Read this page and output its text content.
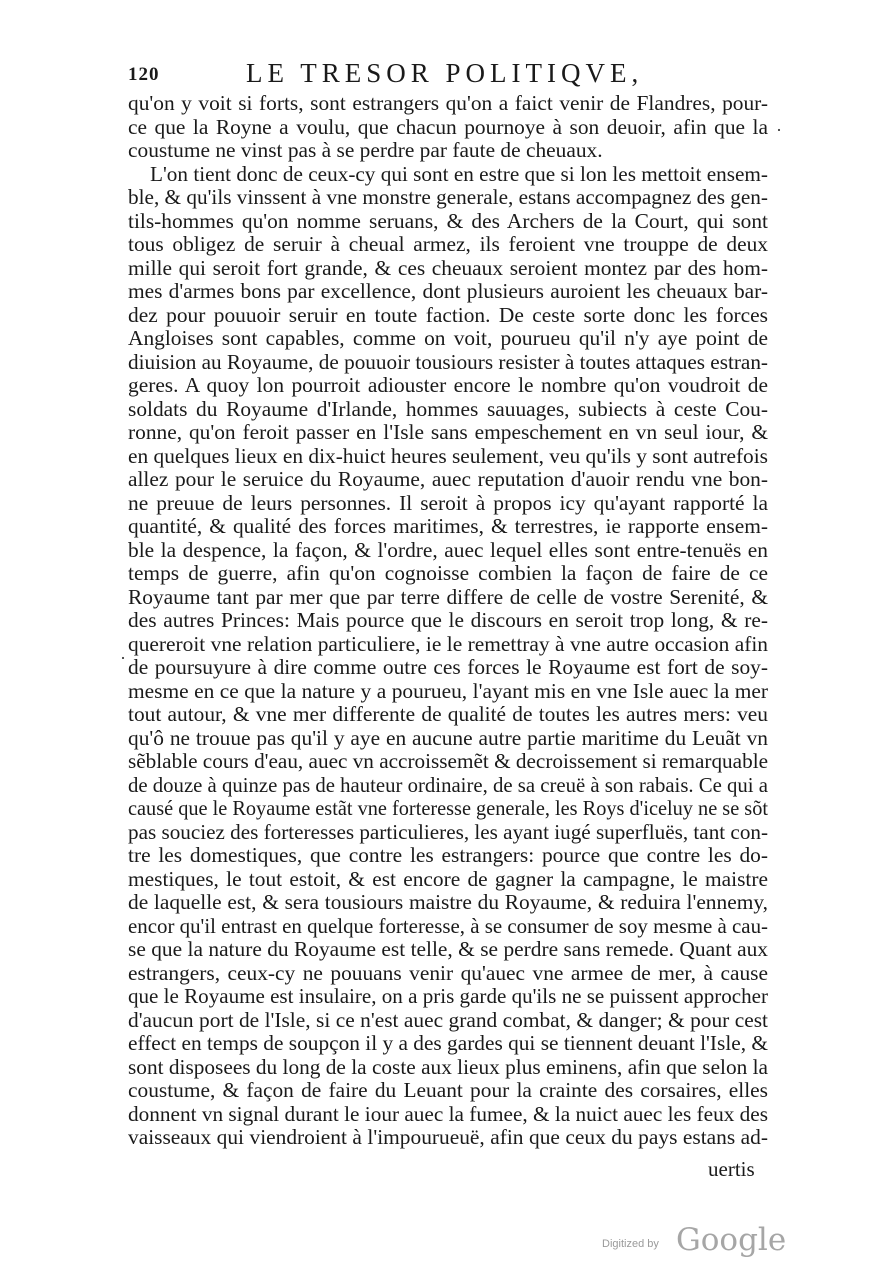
120	LE TRESOR POLITIQVE,
qu'on y voit si forts, sont estrangers qu'on a faict venir de Flandres, pour-
ce que la Royne a voulu, que chacun pournoye à son deuoir, afin que la
coustume ne vinst pas à se perdre par faute de cheuaux.
L'on tient donc de ceux-cy qui sont en estre que si lon les mettoit ensem-
ble, & qu'ils vinssent à vne monstre generale, estans accompagnez des gen-
tils-hommes qu'on nomme seruans, & des Archers de la Court, qui sont
tous obligez de seruir à cheual armez, ils feroient vne trouppe de deux
mille qui seroit fort grande, & ces cheuaux seroient montez par des hom-
mes d'armes bons par excellence, dont plusieurs auroient les cheuaux bar-
dez pour pouuoir seruir en toute faction. De ceste sorte donc les forces
Angloises sont capables, comme on voit, pourueu qu'il n'y aye point de
diuision au Royaume, de pouuoir tousiours resister à toutes attaques estran-
geres. A quoy lon pourroit adiouster encore le nombre qu'on voudroit de
soldats du Royaume d'Irlande, hommes sauuages, subiects à ceste Cou-
ronne, qu'on feroit passer en l'Isle sans empeschement en vn seul iour, &
en quelques lieux en dix-huict heures seulement, veu qu'ils y sont autrefois
allez pour le seruice du Royaume, auec reputation d'auoir rendu vne bon-
ne preuue de leurs personnes. Il seroit à propos icy qu'ayant rapporté la
quantité, & qualité des forces maritimes, & terrestres, ie rapporte ensem-
ble la despence, la façon, & l'ordre, auec lequel elles sont entre-tenuës en
temps de guerre, afin qu'on cognoisse combien la façon de faire de ce
Royaume tant par mer que par terre differe de celle de vostre Serenité, &
des autres Princes: Mais pource que le discours en seroit trop long, & re-
quereroit vne relation particuliere, ie le remettray à vne autre occasion afin
de poursuyure à dire comme outre ces forces le Royaume est fort de soy-
mesme en ce que la nature y a pourueu, l'ayant mis en vne Isle auec la mer
tout autour, & vne mer differente de qualité de toutes les autres mers: veu
qu'ô ne trouue pas qu'il y aye en aucune autre partie maritime du Leuãt vn
sẽblable cours d'eau, auec vn accroissemẽt & decroissement si remarquable
de douze à quinze pas de hauteur ordinaire, de sa creuë à son rabais. Ce qui a
causé que le Royaume estãt vne forteresse generale, les Roys d'iceluy ne se sõt
pas souciez des forteresses particulieres, les ayant iugé superfluës, tant con-
tre les domestiques, que contre les estrangers: pource que contre les do-
mestiques, le tout estoit, & est encore de gagner la campagne, le maistre
de laquelle est, & sera tousiours maistre du Royaume, & reduira l'ennemy,
encor qu'il entrast en quelque forteresse, à se consumer de soy mesme à cau-
se que la nature du Royaume est telle, & se perdre sans remede. Quant aux
estrangers, ceux-cy ne pouuans venir qu'auec vne armee de mer, à cause
que le Royaume est insulaire, on a pris garde qu'ils ne se puissent approcher
d'aucun port de l'Isle, si ce n'est auec grand combat, & danger; & pour cest
effect en temps de soupçon il y a des gardes qui se tiennent deuant l'Isle, &
sont disposees du long de la coste aux lieux plus eminens, afin que selon la
coustume, & façon de faire du Leuant pour la crainte des corsaires, elles
donnent vn signal durant le iour auec la fumee, & la nuict auec les feux des
vaisseaux qui viendroient à l'impourueuë, afin que ceux du pays estans ad-
·
·
uertis
Digitized by Google
